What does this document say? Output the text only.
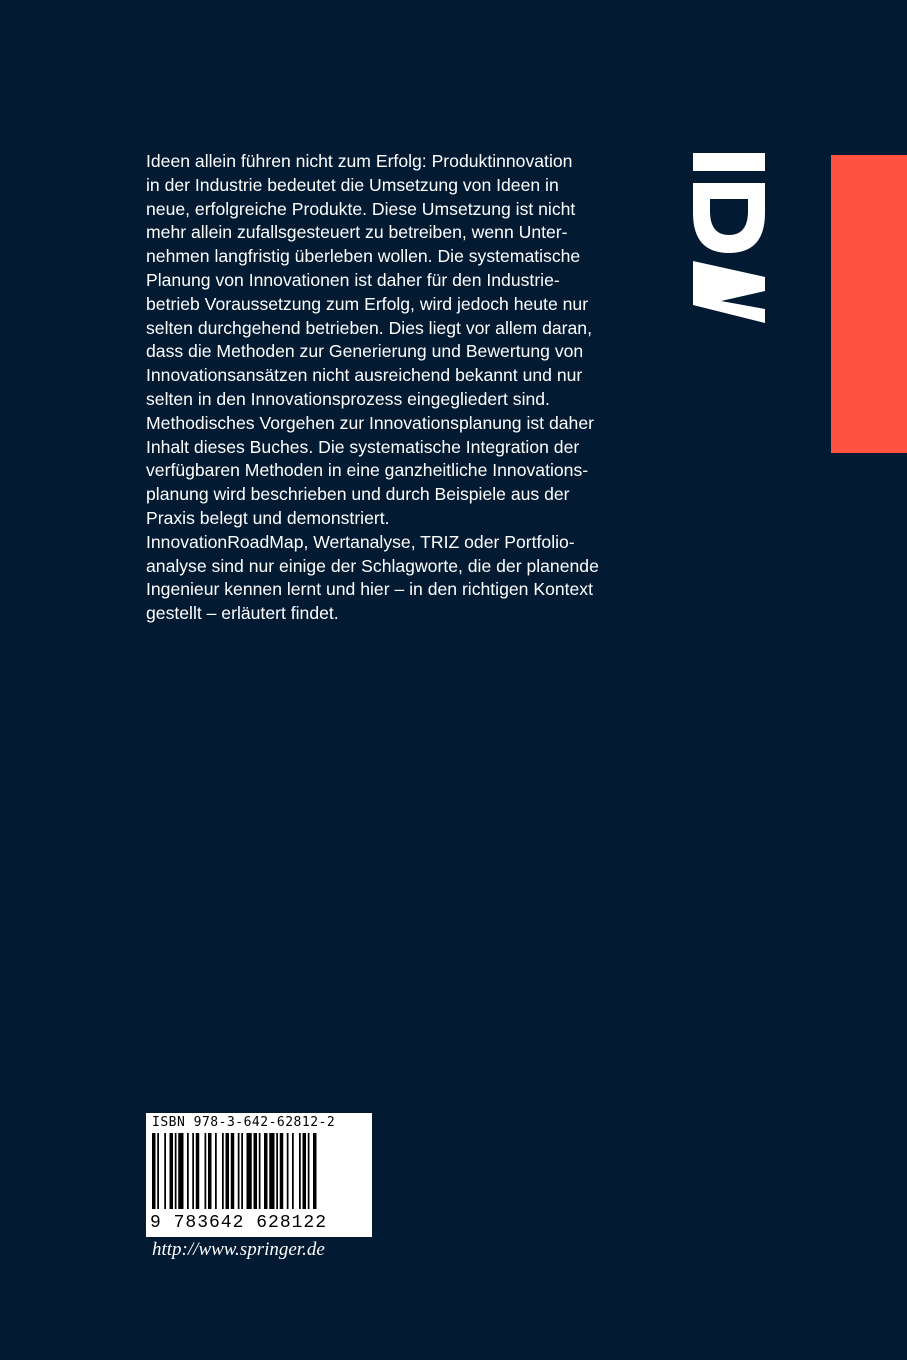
Ideen allein führen nicht zum Erfolg: Produktinnovation
in der Industrie bedeutet die Umsetzung von Ideen in
neue, erfolgreiche Produkte. Diese Umsetzung ist nicht
mehr allein zufallsgesteuert zu betreiben, wenn Unter-
nehmen langfristig überleben wollen. Die systematische
Planung von Innovationen ist daher für den Industrie-
betrieb Voraussetzung zum Erfolg, wird jedoch heute nur
selten durchgehend betrieben. Dies liegt vor allem daran,
dass die Methoden zur Generierung und Bewertung von
Innovationsansätzen nicht ausreichend bekannt und nur
selten in den Innovationsprozess eingegliedert sind.
Methodisches Vorgehen zur Innovationsplanung ist daher
Inhalt dieses Buches. Die systematische Integration der
verfügbaren Methoden in eine ganzheitliche Innovations-
planung wird beschrieben und durch Beispiele aus der
Praxis belegt und demonstriert.
InnovationRoadMap, Wertanalyse, TRIZ oder Portfolio-
analyse sind nur einige der Schlagworte, die der planende
Ingenieur kennen lernt und hier – in den richtigen Kontext
gestellt – erläutert findet.
ISBN 978-3-642-62812-2
9 783642 628122
http://www.springer.de
